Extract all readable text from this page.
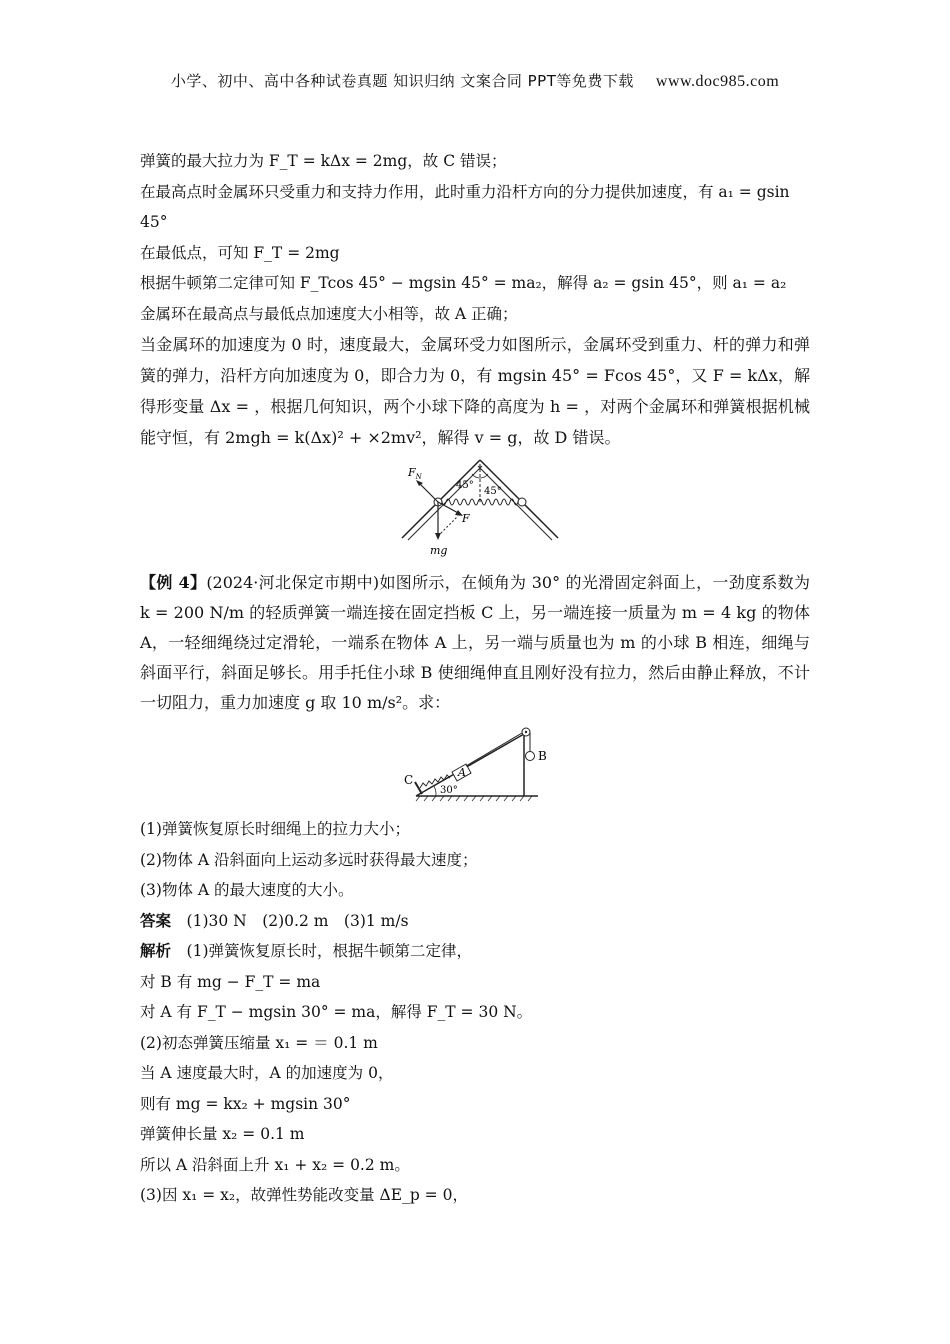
小学、初中、高中各种试卷真题 知识归纳 文案合同 PPT等免费下载 www.doc985.com
弹簧的最大拉力为 F_T = kΔx = 2mg，故 C 错误；
在最高点时金属环只受重力和支持力作用，此时重力沿杆方向的分力提供加速度，有 a₁ = gsin 45°
在最低点，可知 F_T = 2mg
根据牛顿第二定律可知 F_Tcos 45° − mgsin 45° = ma₂，解得 a₂ = gsin 45°，则 a₁ = a₂
金属环在最高点与最低点加速度大小相等，故 A 正确；
当金属环的加速度为 0 时，速度最大，金属环受力如图所示，金属环受到重力、杆的弹力和弹簧的弹力，沿杆方向加速度为 0，即合力为 0，有 mgsin 45° = Fcos 45°，又 F = kΔx，解得形变量 Δx = ，根据几何知识，两个小球下降的高度为 h = ，对两个金属环和弹簧根据机械能守恒，有 2mgh = k(Δx)² + ×2mv²，解得 v = g，故 D 错误。
$F_N$
45°
45°
F
mg
【例 4】(2024·河北保定市期中)如图所示，在倾角为 30° 的光滑固定斜面上，一劲度系数为 k = 200 N/m 的轻质弹簧一端连接在固定挡板 C 上，另一端连接一质量为 m = 4 kg 的物体 A，一轻细绳绕过定滑轮，一端系在物体 A 上，另一端与质量也为 m 的小球 B 相连，细绳与斜面平行，斜面足够长。用手托住小球 B 使细绳伸直且刚好没有拉力，然后由静止释放，不计一切阻力，重力加速度 g 取 10 m/s²。求：
C
A
B
30°
(1)弹簧恢复原长时细绳上的拉力大小；
(2)物体 A 沿斜面向上运动多远时获得最大速度；
(3)物体 A 的最大速度的大小。
答案　 (1)30 N　(2)0.2 m　(3)1 m/s
解析　 (1)弹簧恢复原长时，根据牛顿第二定律，
对 B 有 mg − F_T = ma
对 A 有 F_T − mgsin 30° = ma，解得 F_T = 30 N。
(2)初态弹簧压缩量 x₁ = ＝ 0.1 m
当 A 速度最大时，A 的加速度为 0，
则有 mg = kx₂ + mgsin 30°
弹簧伸长量 x₂ = 0.1 m
所以 A 沿斜面上升 x₁ + x₂ = 0.2 m。
(3)因 x₁ = x₂，故弹性势能改变量 ΔE_p = 0，
